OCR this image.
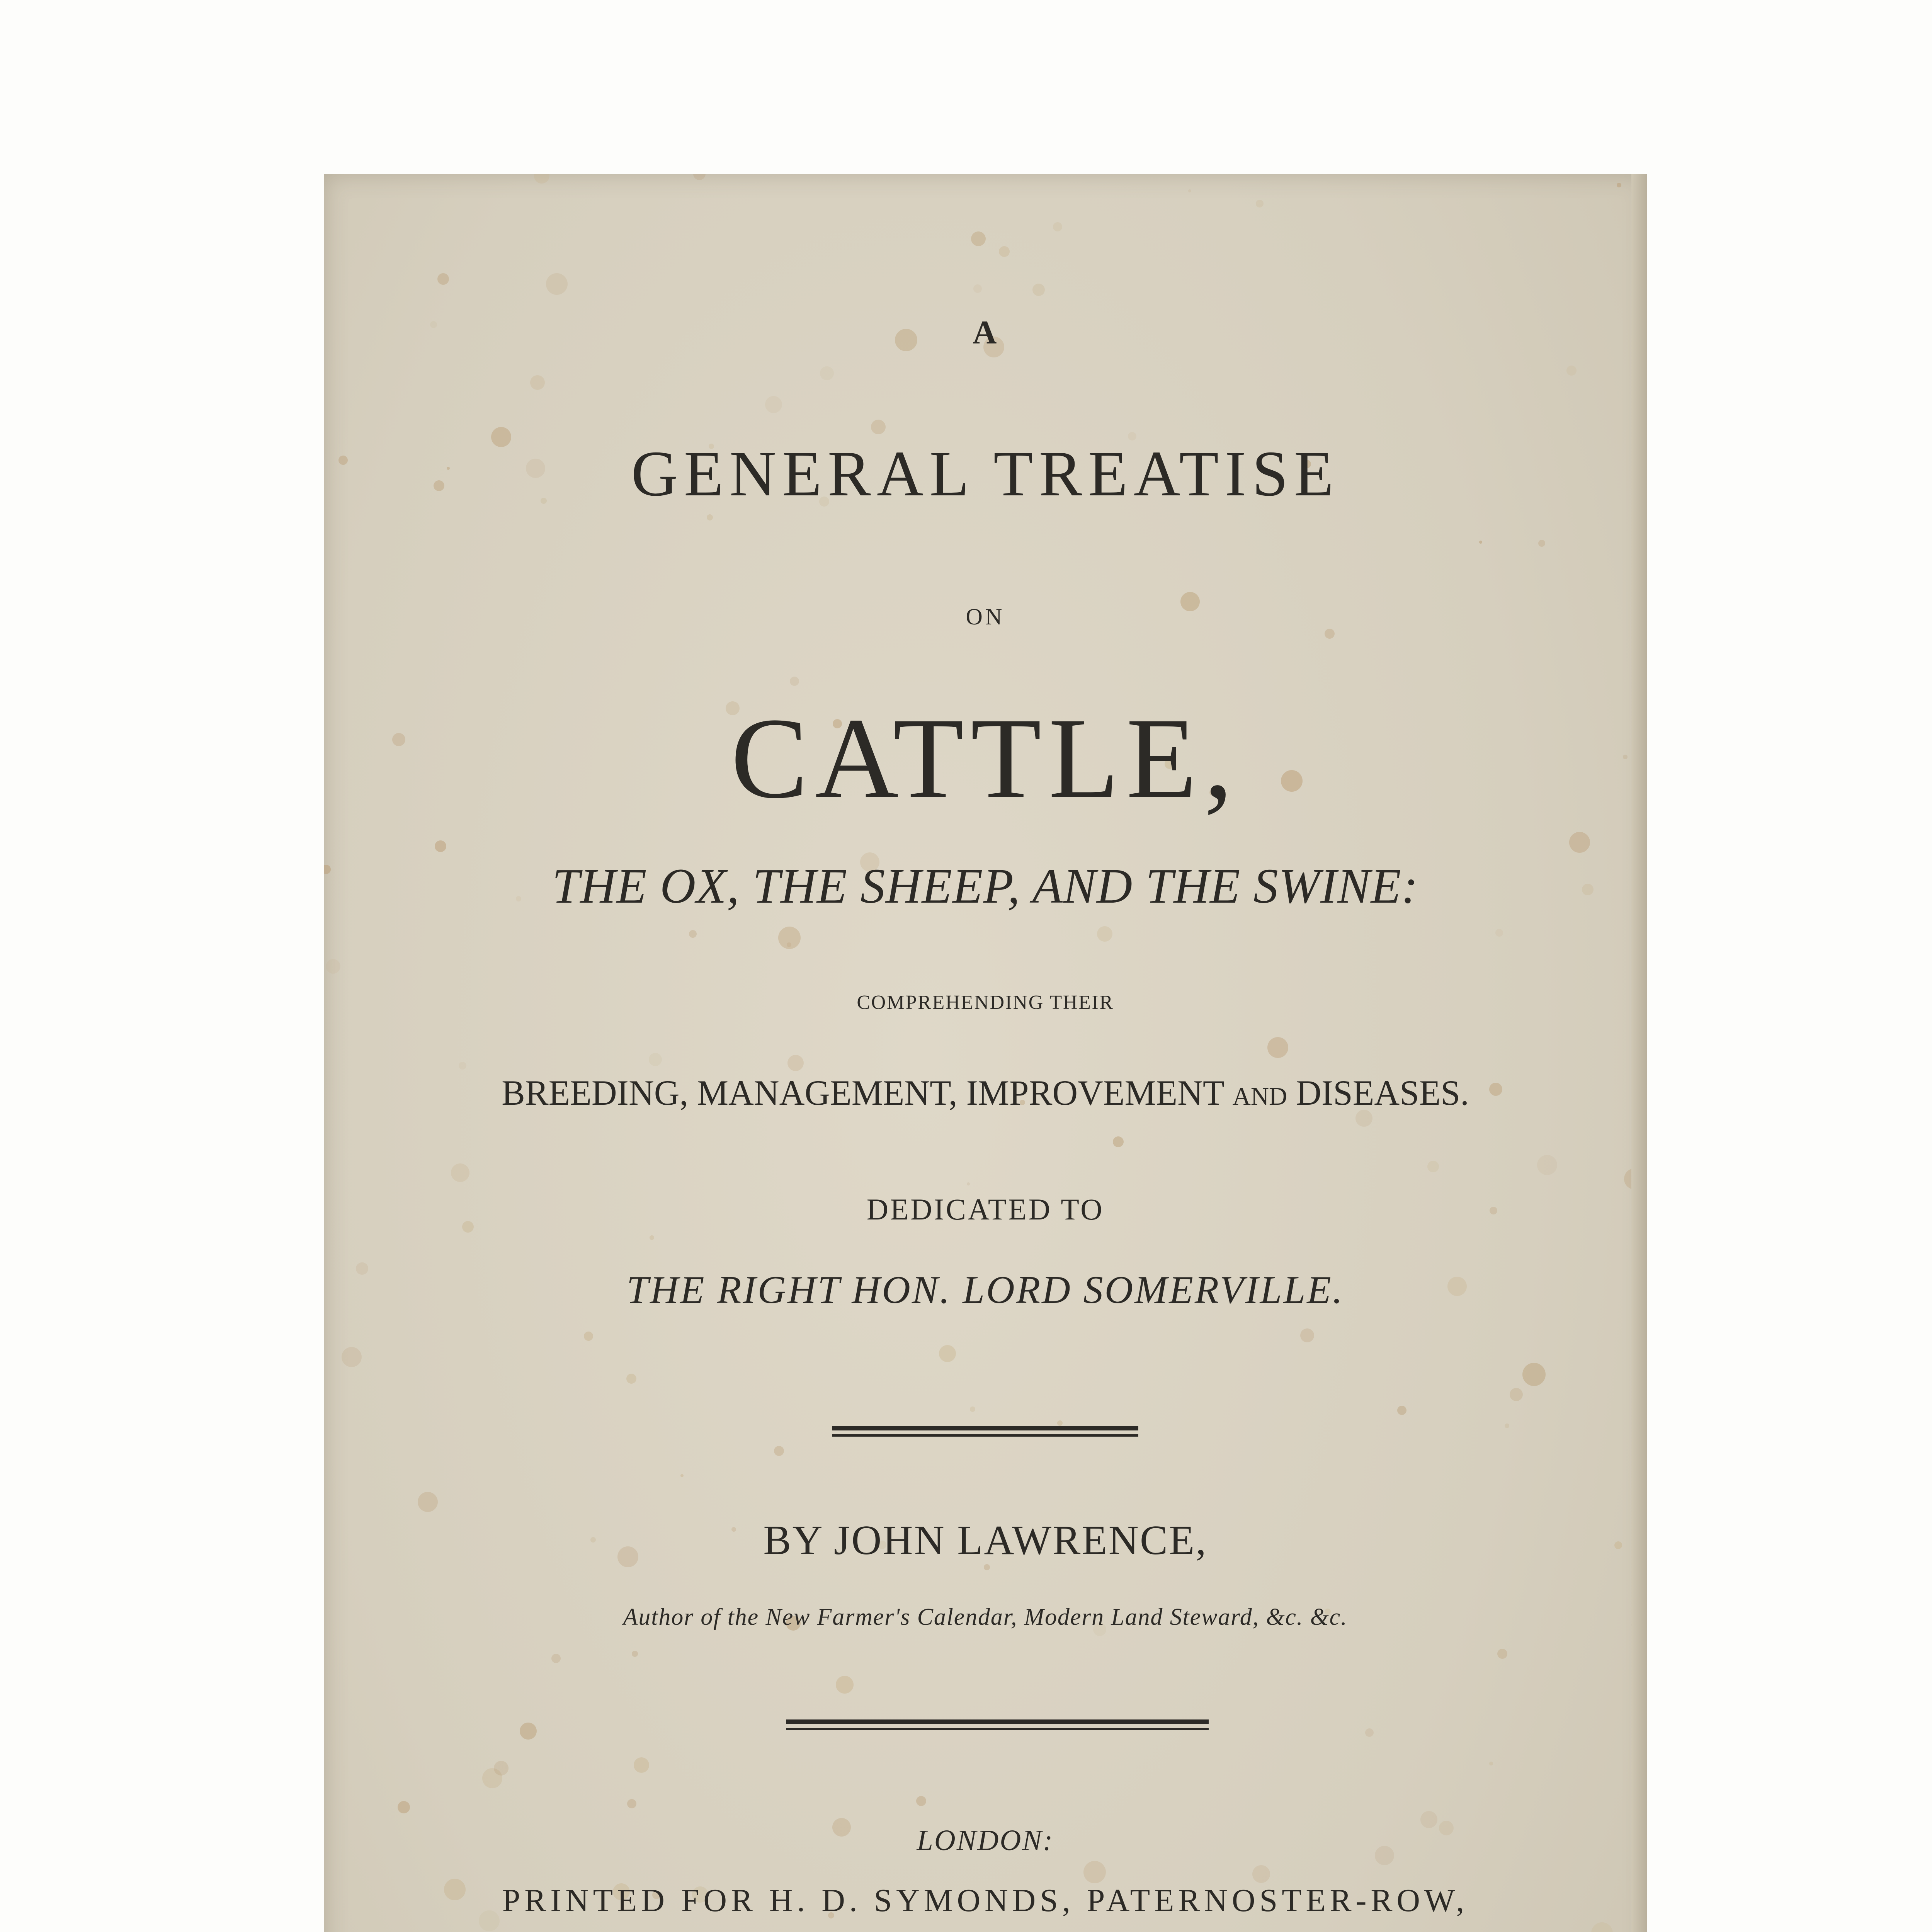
A
GENERAL TREATISE
ON
CATTLE,
THE OX, THE SHEEP, AND THE SWINE:
COMPREHENDING THEIR
BREEDING, MANAGEMENT, IMPROVEMENT AND DISEASES.
DEDICATED TO
THE RIGHT HON. LORD SOMERVILLE.
BY JOHN LAWRENCE,
Author of the New Farmer's Calendar, Modern Land Steward, &c. &c.
LONDON:
PRINTED FOR H. D. SYMONDS, PATERNOSTER-ROW,
